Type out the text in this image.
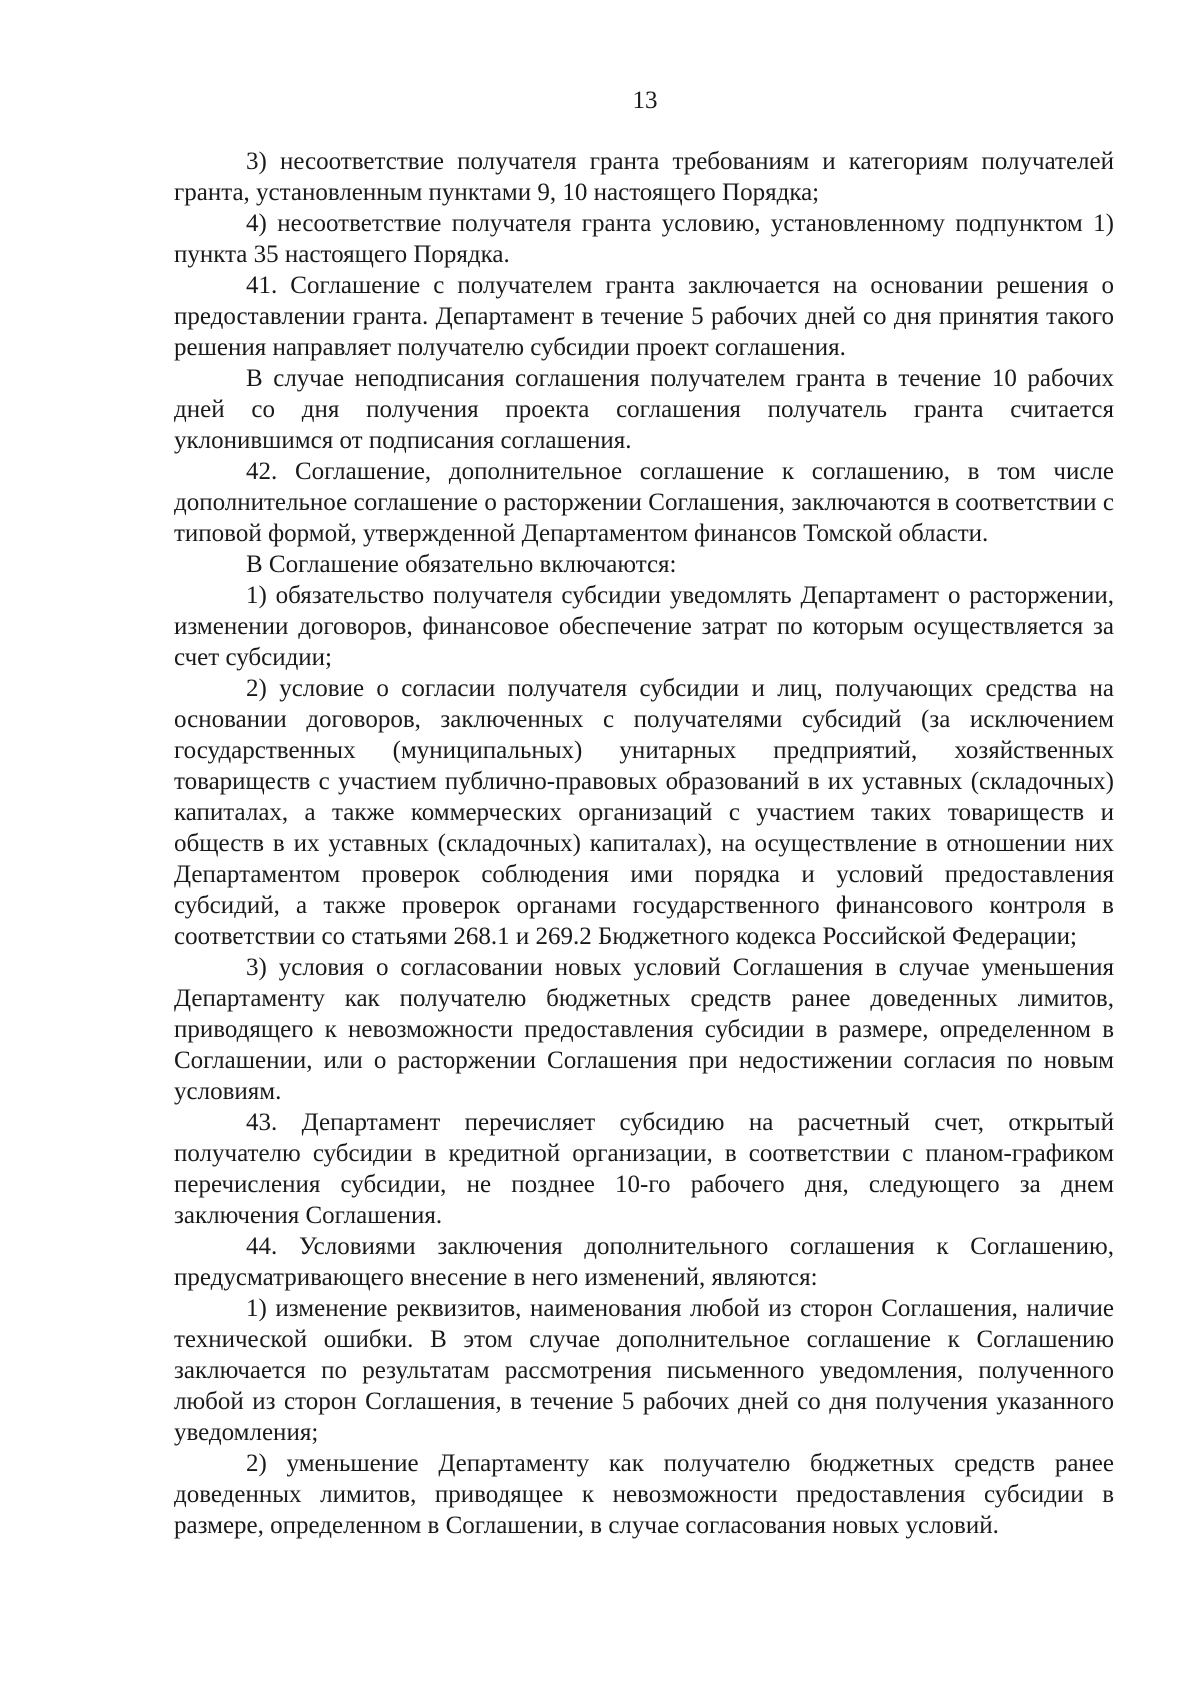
13

3) несоответствие получателя гранта требованиям и категориям получателей гранта, установленным пунктами 9, 10 настоящего Порядка;

4) несоответствие получателя гранта условию, установленному подпунктом 1) пункта 35 настоящего Порядка.

41. Соглашение с получателем гранта заключается на основании решения о предоставлении гранта. Департамент в течение 5 рабочих дней со дня принятия такого решения направляет получателю субсидии проект соглашения.

В случае неподписания соглашения получателем гранта в течение 10 рабочих дней со дня получения проекта соглашения получатель гранта считается уклонившимся от подписания соглашения.

42. Соглашение, дополнительное соглашение к соглашению, в том числе дополнительное соглашение о расторжении Соглашения, заключаются в соответствии с типовой формой, утвержденной Департаментом финансов Томской области.

В Соглашение обязательно включаются:

1) обязательство получателя субсидии уведомлять Департамент о расторжении, изменении договоров, финансовое обеспечение затрат по которым осуществляется за счет субсидии;

2) условие о согласии получателя субсидии и лиц, получающих средства на основании договоров, заключенных с получателями субсидий (за исключением государственных (муниципальных) унитарных предприятий, хозяйственных товариществ с участием публично-правовых образований в их уставных (складочных) капиталах, а также коммерческих организаций с участием таких товариществ и обществ в их уставных (складочных) капиталах), на осуществление в отношении них Департаментом проверок соблюдения ими порядка и условий предоставления субсидий, а также проверок органами государственного финансового контроля в соответствии со статьями 268.1 и 269.2 Бюджетного кодекса Российской Федерации;

3) условия о согласовании новых условий Соглашения в случае уменьшения Департаменту как получателю бюджетных средств ранее доведенных лимитов, приводящего к невозможности предоставления субсидии в размере, определенном в Соглашении, или о расторжении Соглашения при недостижении согласия по новым условиям.

43. Департамент перечисляет субсидию на расчетный счет, открытый получателю субсидии в кредитной организации, в соответствии с планом-графиком перечисления субсидии, не позднее 10-го рабочего дня, следующего за днем заключения Соглашения.

44. Условиями заключения дополнительного соглашения к Соглашению, предусматривающего внесение в него изменений, являются:

1) изменение реквизитов, наименования любой из сторон Соглашения, наличие технической ошибки. В этом случае дополнительное соглашение к Соглашению заключается по результатам рассмотрения письменного уведомления, полученного любой из сторон Соглашения, в течение 5 рабочих дней со дня получения указанного уведомления;

2) уменьшение Департаменту как получателю бюджетных средств ранее доведенных лимитов, приводящее к невозможности предоставления субсидии в размере, определенном в Соглашении, в случае согласования новых условий.
